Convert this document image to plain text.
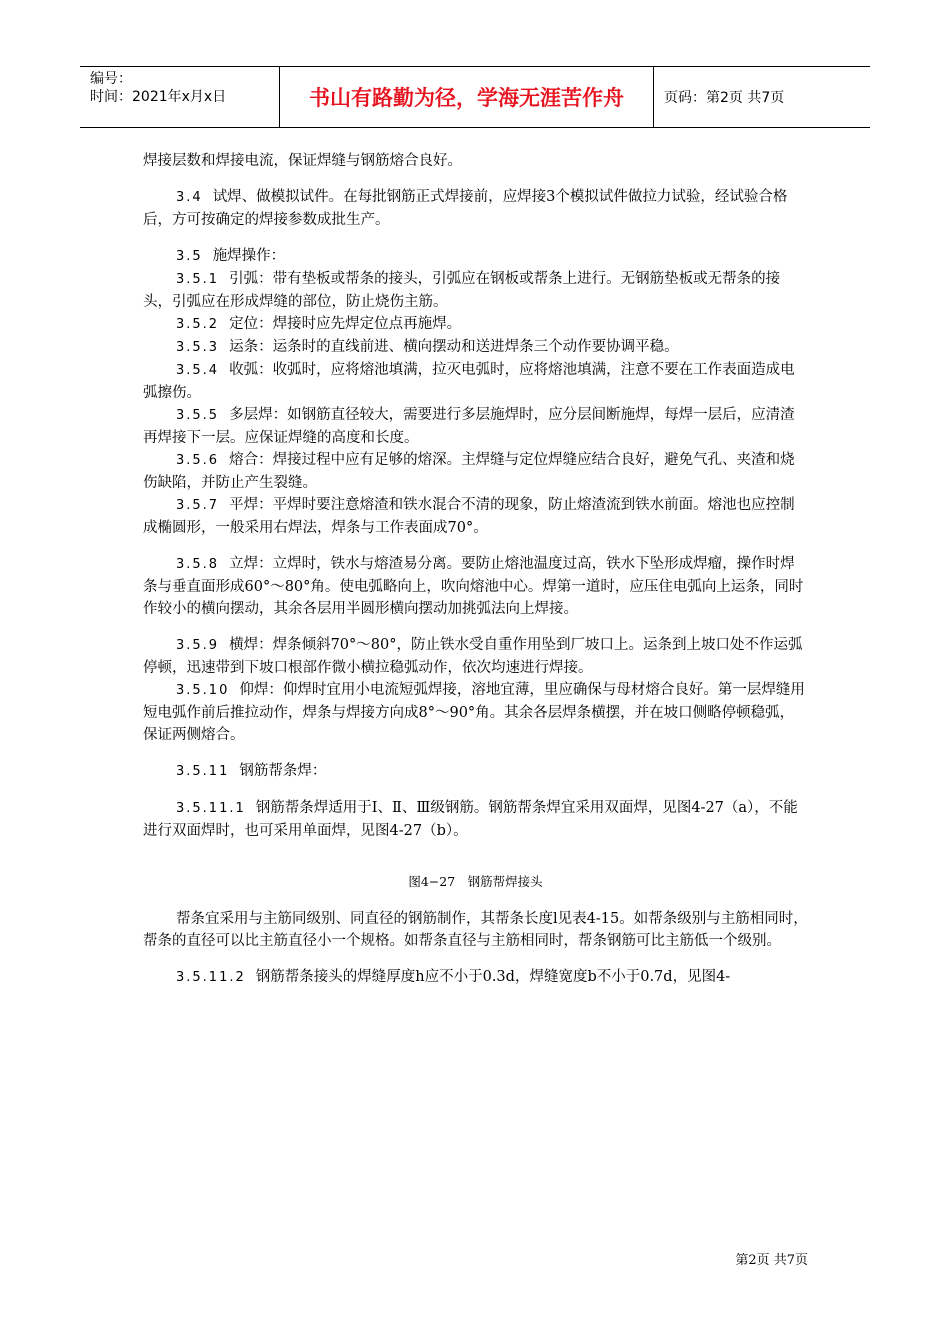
编号：
时间：2021年x月x日	书山有路勤为径，学海无涯苦作舟	页码：第2页 共7页

焊接层数和焊接电流，保证焊缝与钢筋熔合良好。

3.4 试焊、做模拟试件。在每批钢筋正式焊接前，应焊接3个模拟试件做拉力试验，经试验合格后，方可按确定的焊接参数成批生产。

3.5 施焊操作：

3.5.1 引弧：带有垫板或帮条的接头，引弧应在钢板或帮条上进行。无钢筋垫板或无帮条的接头，引弧应在形成焊缝的部位，防止烧伤主筋。

3.5.2 定位：焊接时应先焊定位点再施焊。

3.5.3 运条：运条时的直线前进、横向摆动和送进焊条三个动作要协调平稳。

3.5.4 收弧：收弧时，应将熔池填满，拉灭电弧时，应将熔池填满，注意不要在工作表面造成电弧擦伤。

3.5.5 多层焊：如钢筋直径较大，需要进行多层施焊时，应分层间断施焊，每焊一层后，应清渣再焊接下一层。应保证焊缝的高度和长度。

3.5.6 熔合：焊接过程中应有足够的熔深。主焊缝与定位焊缝应结合良好，避免气孔、夹渣和烧伤缺陷，并防止产生裂缝。

3.5.7 平焊：平焊时要注意熔渣和铁水混合不清的现象，防止熔渣流到铁水前面。熔池也应控制成椭圆形，一般采用右焊法，焊条与工作表面成70°。

3.5.8 立焊：立焊时，铁水与熔渣易分离。要防止熔池温度过高，铁水下坠形成焊瘤，操作时焊条与垂直面形成60°～80°角。使电弧略向上，吹向熔池中心。焊第一道时，应压住电弧向上运条，同时作较小的横向摆动，其余各层用半圆形横向摆动加挑弧法向上焊接。

3.5.9 横焊：焊条倾斜70°～80°，防止铁水受自重作用坠到厂坡口上。运条到上坡口处不作运弧停顿，迅速带到下坡口根部作微小横拉稳弧动作，依次均速进行焊接。

3.5.10 仰焊：仰焊时宜用小电流短弧焊接，溶地宜薄，里应确保与母材熔合良好。第一层焊缝用短电弧作前后推拉动作，焊条与焊接方向成8°～90°角。其余各层焊条横摆，并在坡口侧略停顿稳弧，保证两侧熔合。

3.5.11 钢筋帮条焊：

3.5.11.1 钢筋帮条焊适用于Ⅰ、Ⅱ、Ⅲ级钢筋。钢筋帮条焊宜采用双面焊，见图4-27（a），不能进行双面焊时，也可采用单面焊，见图4-27（b）。

图4−27　钢筋帮焊接头

帮条宜采用与主筋同级别、同直径的钢筋制作，其帮条长度l见表4-15。如帮条级别与主筋相同时，帮条的直径可以比主筋直径小一个规格。如帮条直径与主筋相同时，帮条钢筋可比主筋低一个级别。

3.5.11.2 钢筋帮条接头的焊缝厚度h应不小于0.3d，焊缝宽度b不小于0.7d，见图4-

第2页 共7页
